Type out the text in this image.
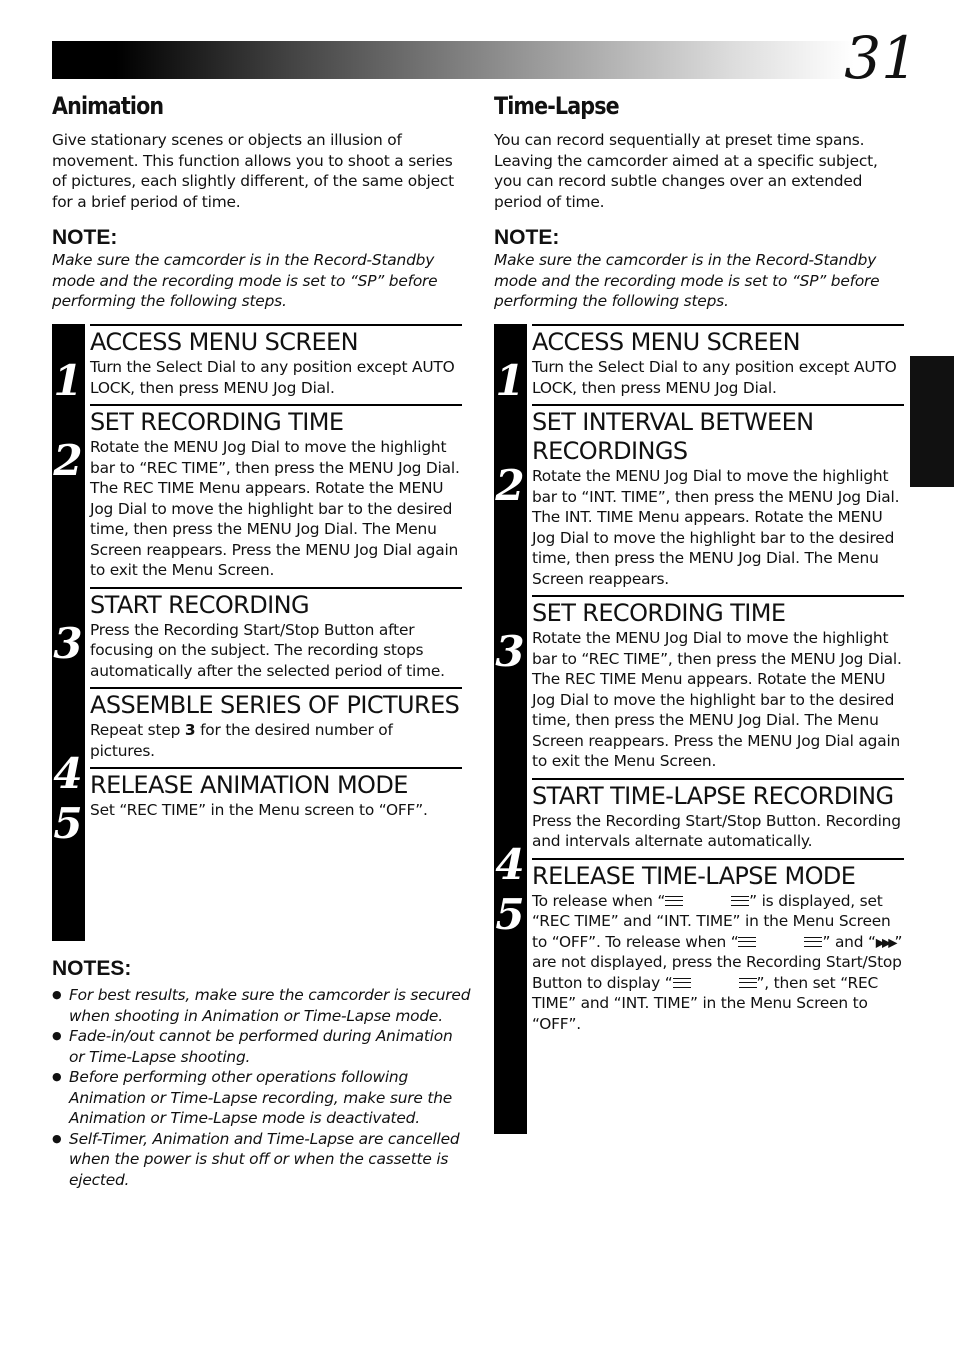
31
Animation
Give stationary scenes or objects an illusion of movement. This function allows you to shoot a series of pictures, each slightly different, of the same object for a brief period of time.
NOTE:
Make sure the camcorder is in the Record-Standby mode and the recording mode is set to “SP” before performing the following steps.
1
ACCESS MENU SCREEN
Turn the Select Dial to any position except AUTO LOCK, then press MENU Jog Dial.
2
SET RECORDING TIME
Rotate the MENU Jog Dial to move the highlight bar to “REC TIME”, then press the MENU Jog Dial. The REC TIME Menu appears. Rotate the MENU Jog Dial to move the highlight bar to the desired time, then press the MENU Jog Dial. The Menu Screen reappears. Press the MENU Jog Dial again to exit the Menu Screen.
3
START RECORDING
Press the Recording Start/Stop Button after focusing on the subject. The recording stops automatically after the selected period of time.
4
ASSEMBLE SERIES OF PICTURES
Repeat step 3 for the desired number of pictures.
5
RELEASE ANIMATION MODE
Set “REC TIME” in the Menu screen to “OFF”.
NOTES:
● For best results, make sure the camcorder is secured when shooting in Animation or Time-Lapse mode.
● Fade-in/out cannot be performed during Animation or Time-Lapse shooting.
● Before performing other operations following Animation or Time-Lapse recording, make sure the Animation or Time-Lapse mode is deactivated.
● Self-Timer, Animation and Time-Lapse are cancelled when the power is shut off or when the cassette is ejected.
Time-Lapse
You can record sequentially at preset time spans. Leaving the camcorder aimed at a specific subject, you can record subtle changes over an extended period of time.
NOTE:
Make sure the camcorder is in the Record-Standby mode and the recording mode is set to “SP” before performing the following steps.
1
ACCESS MENU SCREEN
Turn the Select Dial to any position except AUTO LOCK, then press MENU Jog Dial.
2
SET INTERVAL BETWEEN RECORDINGS
Rotate the MENU Jog Dial to move the highlight bar to “INT. TIME”, then press the MENU Jog Dial. The INT. TIME Menu appears. Rotate the MENU Jog Dial to move the highlight bar to the desired time, then press the MENU Jog Dial. The Menu Screen reappears.
3
SET RECORDING TIME
Rotate the MENU Jog Dial to move the highlight bar to “REC TIME”, then press the MENU Jog Dial. The REC TIME Menu appears. Rotate the MENU Jog Dial to move the highlight bar to the desired time, then press the MENU Jog Dial. The Menu Screen reappears. Press the MENU Jog Dial again to exit the Menu Screen.
4
START TIME-LAPSE RECORDING
Press the Recording Start/Stop Button. Recording and intervals alternate automatically.
5
RELEASE TIME-LAPSE MODE
To release when “	” is displayed, set “REC TIME” and “INT. TIME” in the Menu Screen to “OFF”. To release when “	” and “▶▶▶” are not displayed, press the Recording Start/Stop Button to display “	”, then set “REC TIME” and “INT. TIME” in the Menu Screen to “OFF”.
